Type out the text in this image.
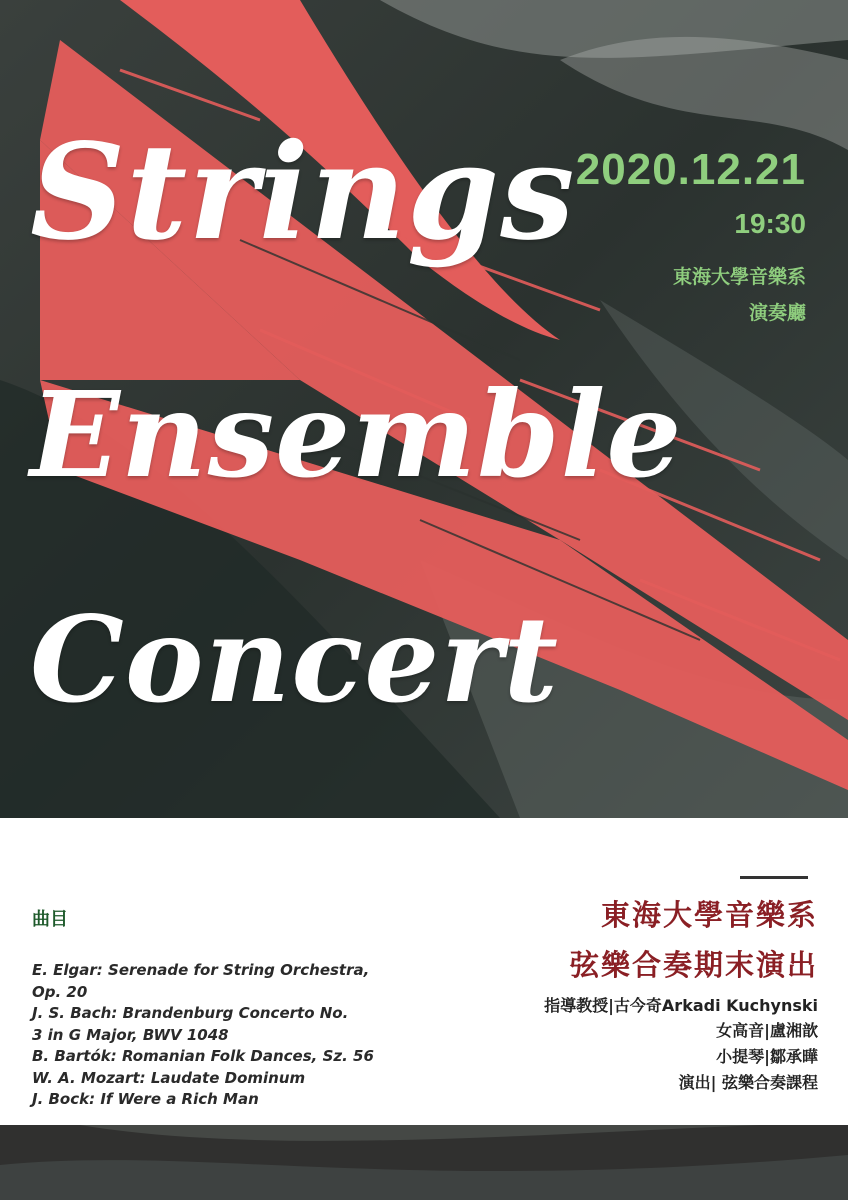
Strings
Ensemble
Concert
2020.12.21
19:30
東海大學音樂系
演奏廳
東海大學音樂系
弦樂合奏期末演出
指導教授|古今奇Arkadi Kuchynski
女高音|盧湘歆
小提琴|鄒承曄
演出| 弦樂合奏課程
曲目
E. Elgar: Serenade for String Orchestra,
Op. 20
J. S. Bach: Brandenburg Concerto No.
3 in G Major, BWV 1048
B. Bartók: Romanian Folk Dances, Sz. 56
W. A. Mozart: Laudate Dominum
J. Bock: If Were a Rich Man
